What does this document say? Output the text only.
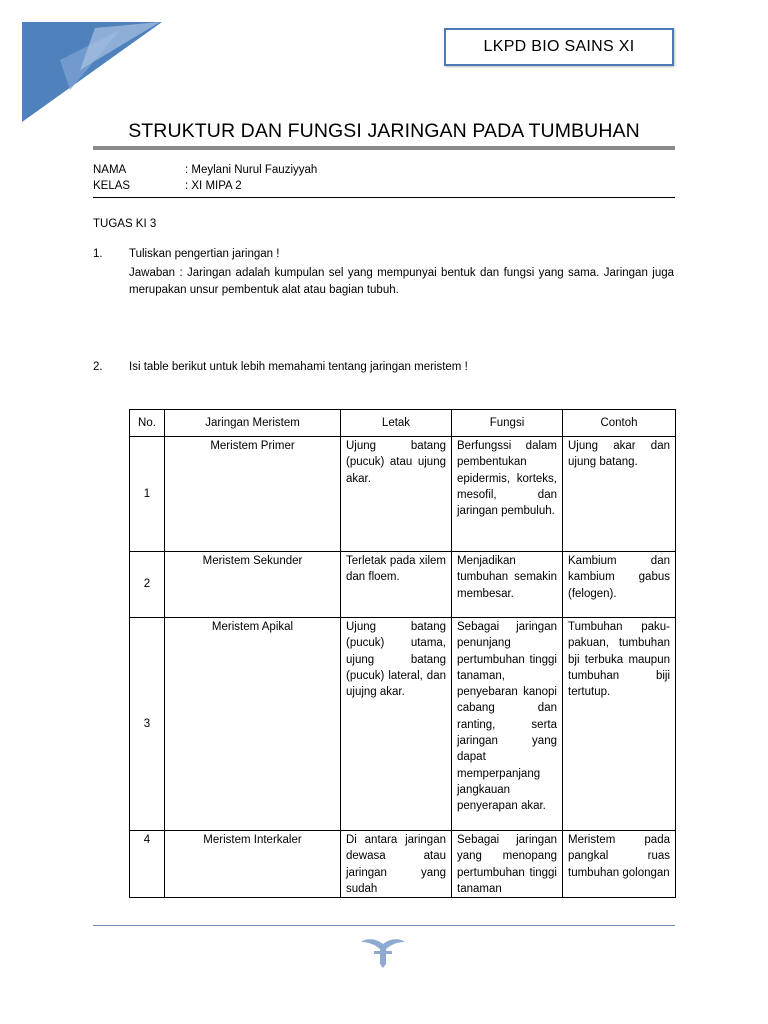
LKPD BIO SAINS XI
STRUKTUR DAN FUNGSI JARINGAN PADA TUMBUHAN
NAMA	: Meylani Nurul Fauziyyah
KELAS	: XI MIPA 2
TUGAS KI 3
1. Tuliskan pengertian jaringan !
Jawaban : Jaringan adalah kumpulan sel yang mempunyai bentuk dan fungsi yang sama. Jaringan juga merupakan unsur pembentuk alat atau bagian tubuh.
2. Isi table berikut untuk lebih memahami tentang jaringan meristem !
No.	Jaringan Meristem	Letak	Fungsi	Contoh
1	Meristem Primer	Ujung batang (pucuk) atau ujung akar.	Berfungssi dalam pembentukan epidermis, korteks, mesofil, dan jaringan pembuluh.	Ujung akar dan ujung batang.
2	Meristem Sekunder	Terletak pada xilem dan floem.	Menjadikan tumbuhan semakin membesar.	Kambium dan kambium gabus (felogen).
3	Meristem Apikal	Ujung batang (pucuk) utama, ujung batang (pucuk) lateral, dan ujujng akar.	Sebagai jaringan penunjang pertumbuhan tinggi tanaman, penyebaran kanopi cabang dan ranting, serta jaringan yang dapat memperpanjang jangkauan penyerapan akar.	Tumbuhan paku-pakuan, tumbuhan bji terbuka maupun tumbuhan biji tertutup.
4	Meristem Interkaler	Di antara jaringan dewasa atau jaringan yang sudah	Sebagai jaringan yang menopang pertumbuhan tinggi tanaman	Meristem pada pangkal ruas tumbuhan golongan
